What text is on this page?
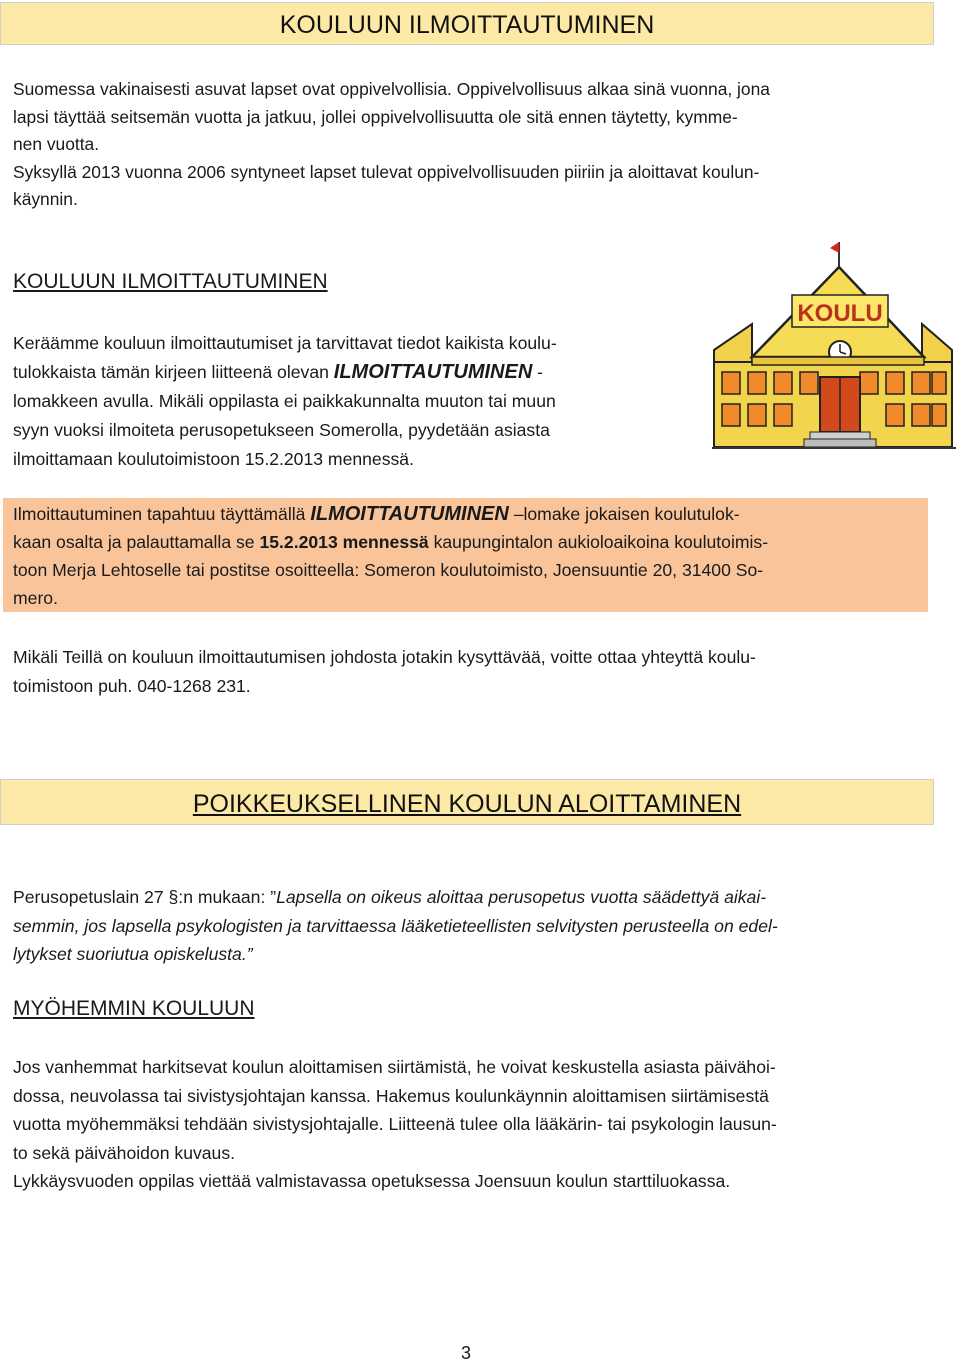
KOULUUN ILMOITTAUTUMINEN
Suomessa vakinaisesti asuvat lapset ovat oppivelvollisia. Oppivelvollisuus alkaa sinä vuonna, jona
lapsi täyttää seitsemän vuotta ja jatkuu, jollei oppivelvollisuutta ole sitä ennen täytetty, kymme-
nen vuotta.
Syksyllä 2013 vuonna 2006 syntyneet lapset tulevat oppivelvollisuuden piiriin ja aloittavat koulun-
käynnin.
KOULUUN ILMOITTAUTUMINEN
Keräämme kouluun ilmoittautumiset ja tarvittavat tiedot kaikista koulu-
tulokkaista tämän kirjeen liitteenä olevan ILMOITTAUTUMINEN -
lomakkeen avulla. Mikäli oppilasta ei paikkakunnalta muuton tai muun
syyn vuoksi ilmoiteta perusopetukseen Somerolla, pyydetään asiasta
ilmoittamaan koulutoimistoon 15.2.2013 mennessä.
KOULU
Ilmoittautuminen tapahtuu täyttämällä ILMOITTAUTUMINEN –lomake jokaisen koulutulok-
kaan osalta ja palauttamalla se 15.2.2013 mennessä kaupungintalon aukioloaikoina koulutoimis-
toon Merja Lehtoselle tai postitse osoitteella: Someron koulutoimisto, Joensuuntie 20, 31400 So-
mero.
Mikäli Teillä on kouluun ilmoittautumisen johdosta jotakin kysyttävää, voitte ottaa yhteyttä koulu-
toimistoon puh. 040-1268 231.
POIKKEUKSELLINEN KOULUN ALOITTAMINEN
Perusopetuslain 27 §:n mukaan: ”Lapsella on oikeus aloittaa perusopetus vuotta säädettyä aikai-
semmin, jos lapsella psykologisten ja tarvittaessa lääketieteellisten selvitysten perusteella on edel-
lytykset suoriutua opiskelusta.”
MYÖHEMMIN KOULUUN
Jos vanhemmat harkitsevat koulun aloittamisen siirtämistä, he voivat keskustella asiasta päivähoi-
dossa, neuvolassa tai sivistysjohtajan kanssa. Hakemus koulunkäynnin aloittamisen siirtämisestä
vuotta myöhemmäksi tehdään sivistysjohtajalle. Liitteenä tulee olla lääkärin- tai psykologin lausun-
to sekä päivähoidon kuvaus.
Lykkäysvuoden oppilas viettää valmistavassa opetuksessa Joensuun koulun starttiluokassa.
3
